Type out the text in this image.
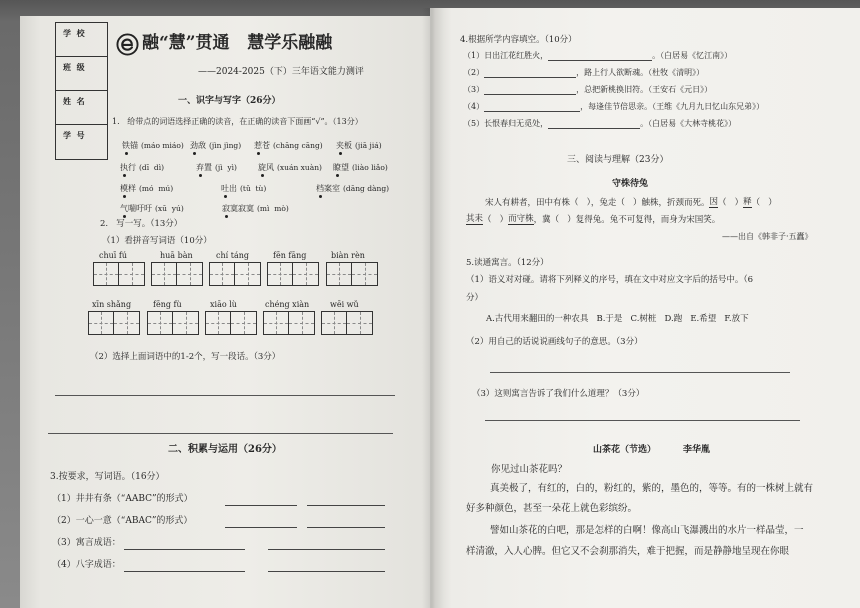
学  校
班  级
姓  名
学  号
融“慧”贯通   慧学乐融融
——2024-2025（下）三年语文能力测评
一、识字与写字（26分）
1.   给带点的词语选择正确的读音，在正确的读音下面画“√”。（13分）
铁锚 (máo miáo) 劲敌 (jìn jìng) 惹苍 (chāng cāng) 夹板 (jiā jiá)
执行 (dī  dì)	弃置 (jì  yì)	旋风 (xuán xuàn) 瞭望 (liào liǎo)
模样 (mó  mú)	吐出 (tǔ  tù)	档案室 (dāng dàng)
气喘吁吁 (xū  yú)	寂寞寂寞 (mì  mò)
2.   写一写。（13分）
（1）看拼音写词语（10分）
chuī fú	huā bàn	chí táng	fēn fāng	biàn rèn
xīn shǎng	fēng fù	xiāo lù	chéng xiàn	wēi wǔ
（2）选择上面词语中的1-2个，写一段话。（3分）
二、积累与运用（26分）
3.按要求，写词语。（16分）
（1）井井有条（“AABC”的形式）
（2）一心一意（“ABAC”的形式）
（3）寓言成语：
（4）八字成语：
4.根据所学内容填空。（10分）
（1）日出江花红胜火，	。（白居易《忆江南》）
（2）	，路上行人欲断魂。（杜牧《清明》）
（3）	，总把新桃换旧符。（王安石《元日》）
（4）	，每逢佳节倍思亲。（王维《九月九日忆山东兄弟》）
（5）长恨春归无觅处，	。（白居易《大林寺桃花》）
三、阅读与理解（23分）
守株待兔
宋人有耕者，田中有株（   ），兔走（   ）触株，折颈而死。 因 （   ） 释 （   ）
其耒 （   ） 而守株 ，冀（   ）复得兔。兔不可复得，而身为宋国笑。
——出自《韩非子·五蠹》
5.读通寓言。（12分）
（1）语义对对碰。请将下列释义的序号，填在文中对应文字后的括号中。（6
分）
A.古代用来翻田的一种农具   B.于是   C.树桩   D.跑   E.希望   F.放下
（2）用自己的话说说画线句子的意思。（3分）
（3）这则寓言告诉了我们什么道理？（3分）
山茶花（节选）	李华胤
你见过山茶花吗？
真美极了，有红的，白的，粉红的，紫的，墨色的，等等。有的一株树上就有
好多种颜色，甚至一朵花上就色彩缤纷。
譬如山茶花的白吧，那是怎样的白啊！像高山飞瀑溅出的水片一样晶莹，一
样清澈，入人心脾。但它又不会刹那消失，难于把握，而是静静地呈现在你眼
